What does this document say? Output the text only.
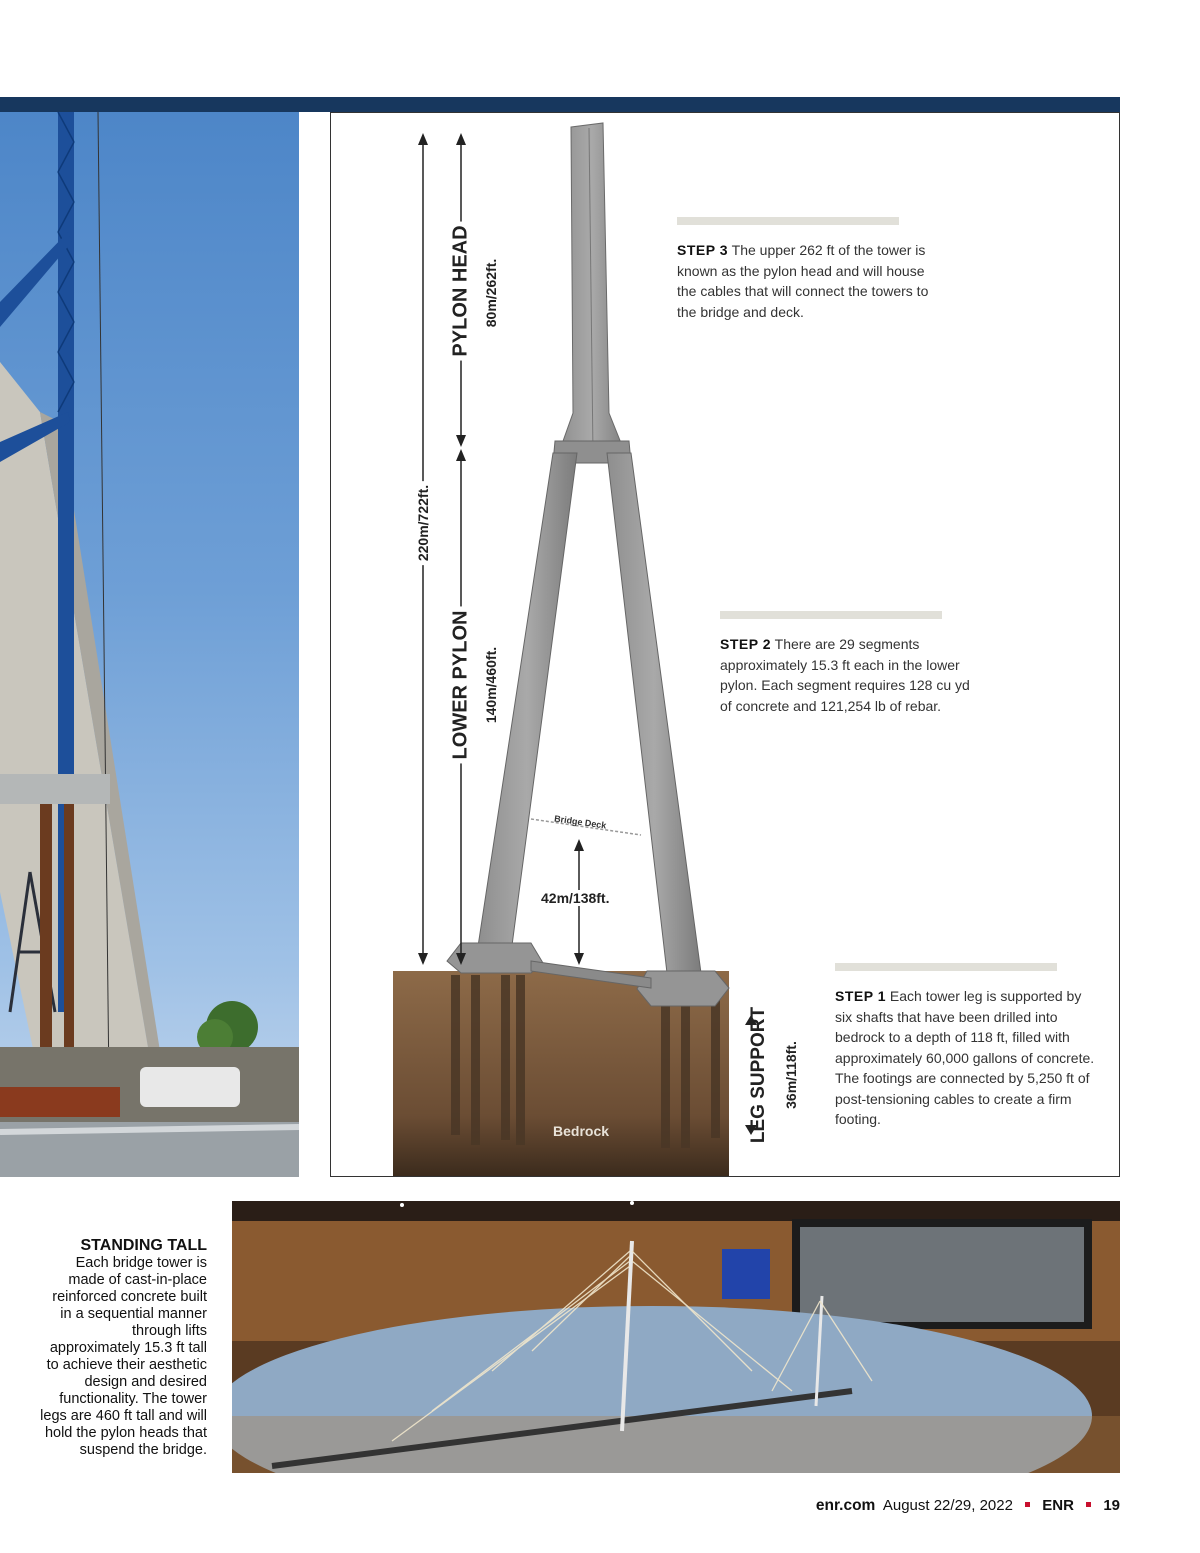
220m/722ft.
PYLON HEAD 80m/262ft.
LOWER PYLON 140m/460ft.
LEG SUPPORT 36m/118ft.
Bridge Deck
42m/138ft.
Bedrock
STEP 3 The upper 262 ft of the tower is known as the pylon head and will house the cables that will connect the towers to the bridge and deck.
STEP 2 There are 29 segments approximately 15.3 ft each in the lower pylon. Each segment requires 128 cu yd of concrete and 121,254 lb of rebar.
STEP 1 Each tower leg is supported by six shafts that have been drilled into bedrock to a depth of 118 ft, filled with approximately 60,000 gallons of concrete. The footings are connected by 5,250 ft of post-tensioning cables to create a firm footing.
STANDING TALL
Each bridge tower is made of cast-in-place reinforced concrete built in a sequential manner through lifts approximately 15.3 ft tall to achieve their aesthetic design and desired functionality. The tower legs are 460 ft tall and will hold the pylon heads that suspend the bridge.
enr.com August 22/29, 2022 ENR 19
